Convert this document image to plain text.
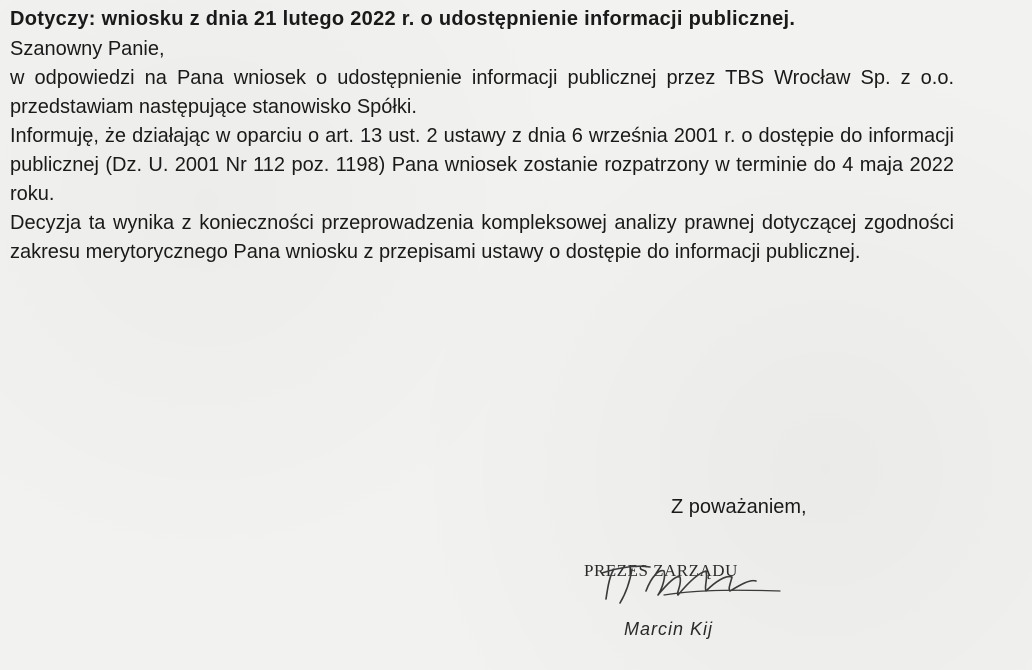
Dotyczy: wniosku z dnia 21 lutego 2022 r. o udostępnienie informacji publicznej.

Szanowny Panie,

w odpowiedzi na Pana wniosek o udostępnienie informacji publicznej przez TBS Wrocław Sp. z o.o. przedstawiam następujące stanowisko Spółki.

Informuję, że działając w oparciu o art. 13 ust. 2 ustawy z dnia 6 września 2001 r. o dostępie do informacji publicznej (Dz. U. 2001 Nr 112 poz. 1198) Pana wniosek zostanie rozpatrzony w terminie do 4 maja 2022 roku.

Decyzja ta wynika z konieczności przeprowadzenia kompleksowej analizy prawnej dotyczącej zgodności zakresu merytorycznego Pana wniosku z przepisami ustawy o dostępie do informacji publicznej.

Z poważaniem,

PREZES ZARZĄDU
Marcin Kij
